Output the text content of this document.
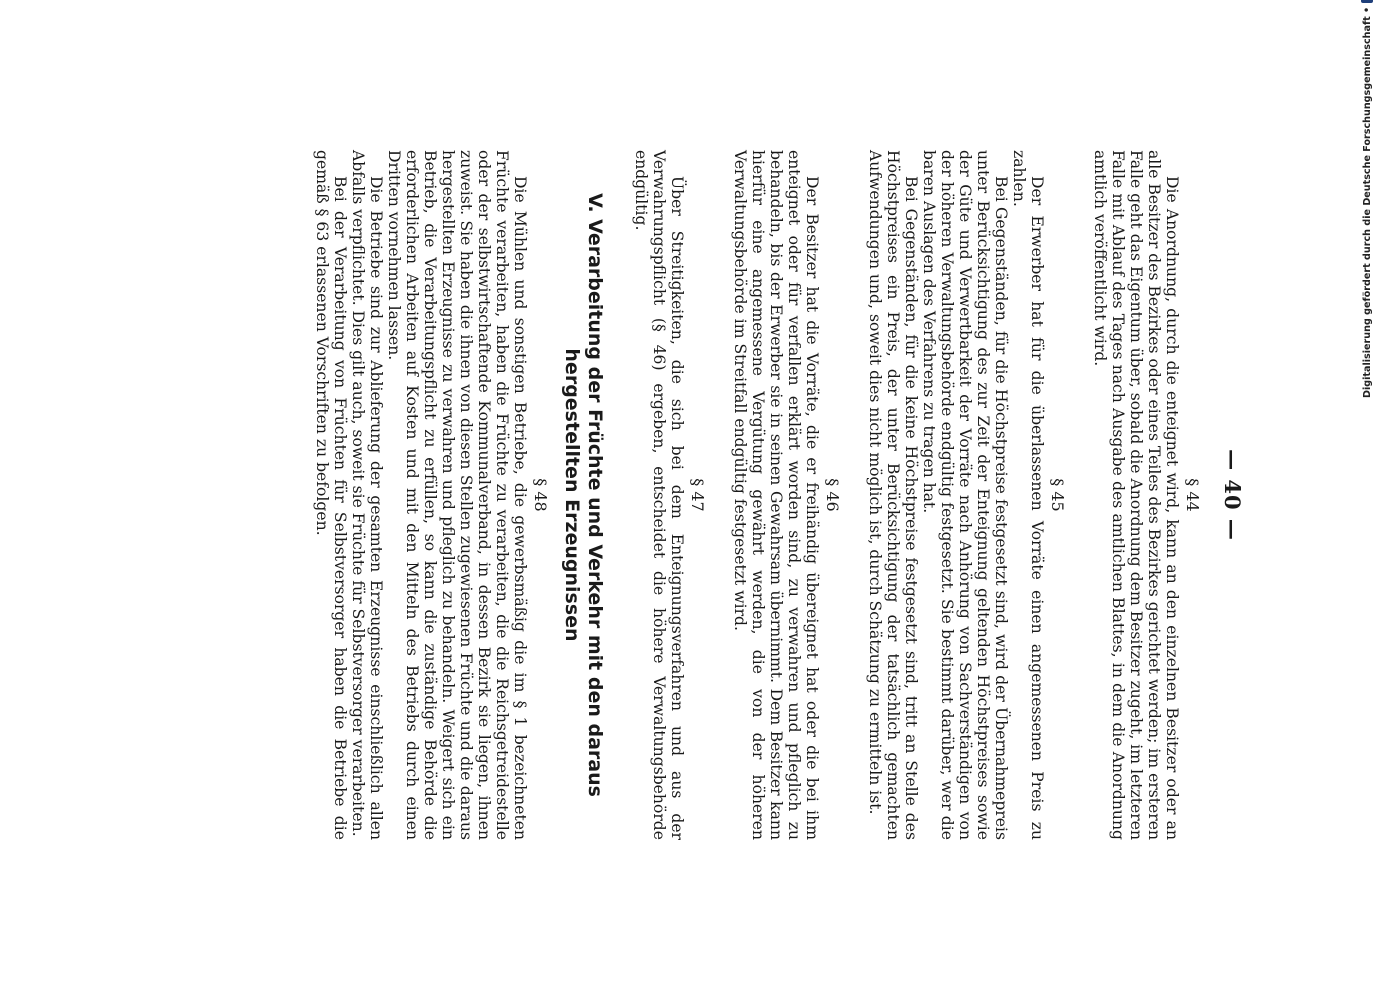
— 40 —
§ 44

Die Anordnung, durch die enteignet wird, kann an den einzelnen Besitzer oder an alle Besitzer des Bezirkes oder eines Teiles des Bezirkes gerichtet werden; im ersteren Falle geht das Eigentum über, sobald die Anordnung dem Besitzer zugeht, im letzteren Falle mit Ablauf des Tages nach Ausgabe des amtlichen Blattes, in dem die Anordnung amtlich veröffentlicht wird.

§ 45

Der Erwerber hat für die überlassenen Vorräte einen angemessenen Preis zu zahlen.

Bei Gegenständen, für die Höchstpreise festgesetzt sind, wird der Übernahmepreis unter Berücksichtigung des zur Zeit der Enteignung geltenden Höchstpreises sowie der Güte und Verwertbarkeit der Vorräte nach Anhörung von Sachverständigen von der höheren Verwaltungsbehörde endgültig festgesetzt. Sie bestimmt darüber, wer die baren Auslagen des Verfahrens zu tragen hat.

Bei Gegenständen, für die keine Höchstpreise festgesetzt sind, tritt an Stelle des Höchstpreises ein Preis, der unter Berücksichtigung der tatsächlich gemachten Aufwendungen und, soweit dies nicht möglich ist, durch Schätzung zu ermitteln ist.

§ 46

Der Besitzer hat die Vorräte, die er freihändig übereignet hat oder die bei ihm enteignet oder für verfallen erklärt worden sind, zu verwahren und pfleglich zu behandeln, bis der Erwerber sie in seinen Gewahrsam übernimmt. Dem Besitzer kann hierfür eine angemessene Vergütung gewährt werden, die von der höheren Verwaltungsbehörde im Streitfall endgültig festgesetzt wird.

§ 47

Über Streitigkeiten, die sich bei dem Enteignungsverfahren und aus der Verwahrungspflicht (§ 46) ergeben, entscheidet die höhere Verwaltungsbehörde endgültig.

V. Verarbeitung der Früchte und Verkehr mit den daraus hergestellten Erzeugnissen
§ 48

Die Mühlen und sonstigen Betriebe, die gewerbsmäßig die im § 1 bezeichneten Früchte verarbeiten, haben die Früchte zu verarbeiten, die die Reichsgetreidestelle oder der selbstwirtschaftende Kommunalverband, in dessen Bezirk sie liegen, ihnen zuweist. Sie haben die ihnen von diesen Stellen zugewiesenen Früchte und die daraus hergestellten Erzeugnisse zu verwahren und pfleglich zu behandeln. Weigert sich ein Betrieb, die Verarbeitungspflicht zu erfüllen, so kann die zuständige Behörde die erforderlichen Arbeiten auf Kosten und mit den Mitteln des Betriebs durch einen Dritten vornehmen lassen.

Die Betriebe sind zur Ablieferung der gesamten Erzeugnisse einschließlich allen Abfalls verpflichtet. Dies gilt auch, soweit sie Früchte für Selbstversorger verarbeiten.

Bei der Verarbeitung von Früchten für Selbstversorger haben die Betriebe die gemäß § 63 erlassenen Vorschriften zu befolgen.	Digitalisierung gefördert durch die Deutsche Forschungsgemeinschaft •
